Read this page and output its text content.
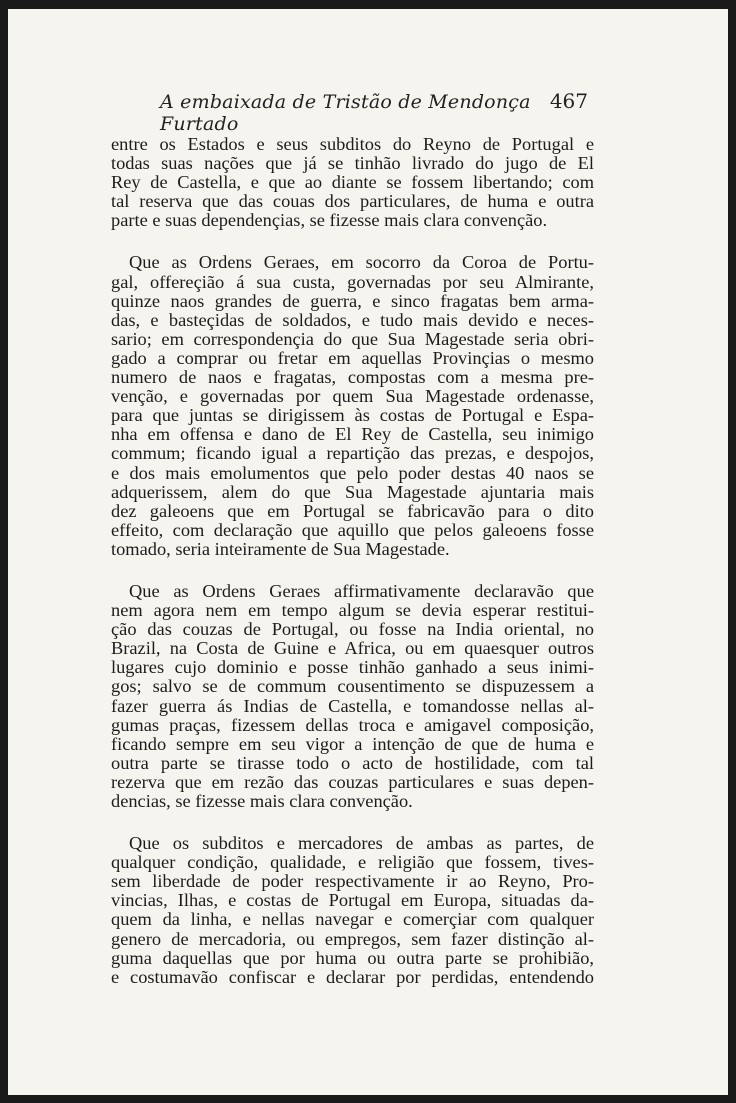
A embaixada de Tristão de Mendonça Furtado
467
entre os Estados e seus subditos do Reyno de Portugal e
todas suas nações que já se tinhão livrado do jugo de El
Rey de Castella, e que ao diante se fossem libertando; com
tal reserva que das couas dos particulares, de huma e outra
parte e suas dependençias, se fizesse mais clara convenção.
Que as Ordens Geraes, em socorro da Coroa de Portu-
gal, offereçião á sua custa, governadas por seu Almirante,
quinze naos grandes de guerra, e sinco fragatas bem arma-
das, e basteçidas de soldados, e tudo mais devido e neces-
sario; em correspondençia do que Sua Magestade seria obri-
gado a comprar ou fretar em aquellas Provinçias o mesmo
numero de naos e fragatas, compostas com a mesma pre-
venção, e governadas por quem Sua Magestade ordenasse,
para que juntas se dirigissem às costas de Portugal e Espa-
nha em offensa e dano de El Rey de Castella, seu inimigo
commum; ficando igual a repartição das prezas, e despojos,
e dos mais emolumentos que pelo poder destas 40 naos se
adquerissem, alem do que Sua Magestade ajuntaria mais
dez galeoens que em Portugal se fabricavão para o dito
effeito, com declaração que aquillo que pelos galeoens fosse
tomado, seria inteiramente de Sua Magestade.
Que as Ordens Geraes affirmativamente declaravão que
nem agora nem em tempo algum se devia esperar restitui-
ção das couzas de Portugal, ou fosse na India oriental, no
Brazil, na Costa de Guine e Africa, ou em quaesquer outros
lugares cujo dominio e posse tinhão ganhado a seus inimi-
gos; salvo se de commum cousentimento se dispuzessem a
fazer guerra ás Indias de Castella, e tomandosse nellas al-
gumas praças, fizessem dellas troca e amigavel composição,
ficando sempre em seu vigor a intenção de que de huma e
outra parte se tirasse todo o acto de hostilidade, com tal
rezerva que em rezão das couzas particulares e suas depen-
dencias, se fizesse mais clara convenção.
Que os subditos e mercadores de ambas as partes, de
qualquer condição, qualidade, e religião que fossem, tives-
sem liberdade de poder respectivamente ir ao Reyno, Pro-
vincias, Ilhas, e costas de Portugal em Europa, situadas da-
quem da linha, e nellas navegar e comerçiar com qualquer
genero de mercadoria, ou empregos, sem fazer distinção al-
guma daquellas que por huma ou outra parte se prohibião,
e costumavão confiscar e declarar por perdidas, entendendo
